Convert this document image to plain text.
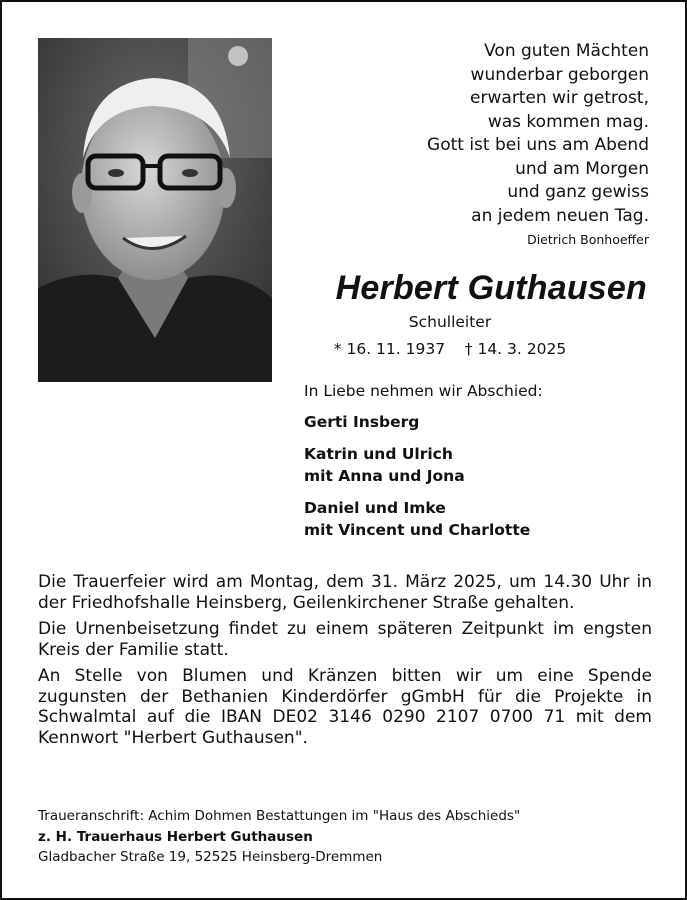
Von guten Mächten
wunderbar geborgen
erwarten wir getrost,
was kommen mag.
Gott ist bei uns am Abend
und am Morgen
und ganz gewiss
an jedem neuen Tag.
Dietrich Bonhoeffer
Herbert Guthausen
Schulleiter
* 16. 11. 1937    † 14. 3. 2025
In Liebe nehmen wir Abschied:
Gerti Insberg
Katrin und Ulrich
mit Anna und Jona
Daniel und Imke
mit Vincent und Charlotte

Die Trauerfeier wird am Montag, dem 31. März 2025, um 14.30 Uhr in der Friedhofshalle Heinsberg, Geilenkirchener Straße gehalten.

Die Urnenbeisetzung findet zu einem späteren Zeitpunkt im engsten Kreis der Familie statt.

An Stelle von Blumen und Kränzen bitten wir um eine Spende zugunsten der Bethanien Kinderdörfer gGmbH für die Projekte in Schwalmtal auf die IBAN DE02 3146 0290 2107 0700 71 mit dem Kennwort "Herbert Guthausen".

Traueranschrift: Achim Dohmen Bestattungen im "Haus des Abschieds"
z. H. Trauerhaus Herbert Guthausen
Gladbacher Straße 19, 52525 Heinsberg-Dremmen
